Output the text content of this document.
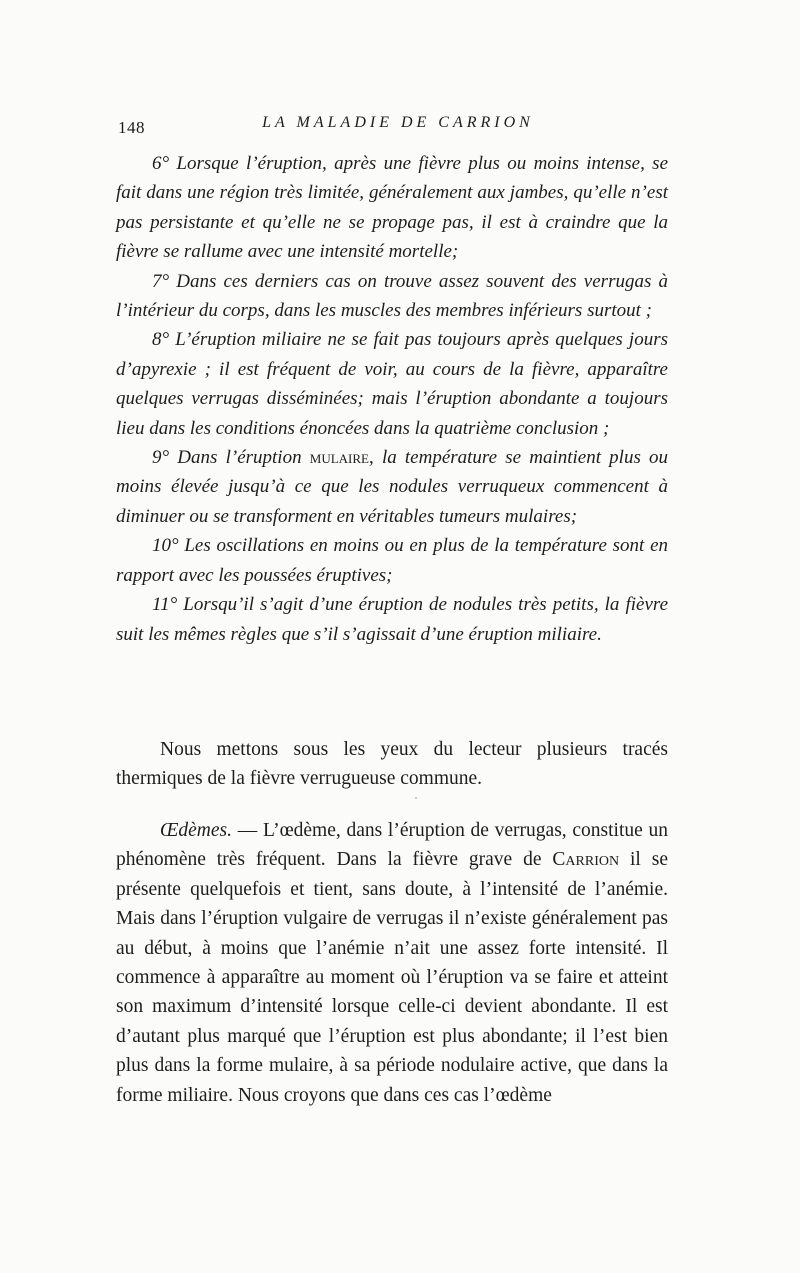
148	LA MALADIE DE CARRION

6° Lorsque l’éruption, après une fièvre plus ou moins intense, se fait dans une région très limitée, généralement aux jambes, qu’elle n’est pas persistante et qu’elle ne se propage pas, il est à craindre que la fièvre se rallume avec une intensité mortelle;

7° Dans ces derniers cas on trouve assez souvent des verrugas à l’intérieur du corps, dans les muscles des membres inférieurs surtout ;

8° L’éruption miliaire ne se fait pas toujours après quelques jours d’apyrexie ; il est fréquent de voir, au cours de la fièvre, apparaître quelques verrugas disséminées; mais l’éruption abondante a toujours lieu dans les conditions énoncées dans la quatrième conclusion ;

9° Dans l’éruption mulaire, la température se maintient plus ou moins élevée jusqu’à ce que les nodules verruqueux commencent à diminuer ou se transforment en véritables tumeurs mulaires;

10° Les oscillations en moins ou en plus de la température sont en rapport avec les poussées éruptives;

11° Lorsqu’il s’agit d’une éruption de nodules très petits, la fièvre suit les mêmes règles que s’il s’agissait d’une éruption miliaire.

Nous mettons sous les yeux du lecteur plusieurs tracés thermiques de la fièvre verrugueuse commune.

Œdèmes. — L’œdème, dans l’éruption de verrugas, constitue un phénomène très fréquent. Dans la fièvre grave de Carrion il se présente quelquefois et tient, sans doute, à l’intensité de l’anémie. Mais dans l’éruption vulgaire de verrugas il n’existe généralement pas au début, à moins que l’anémie n’ait une assez forte intensité. Il commence à apparaître au moment où l’éruption va se faire et atteint son maximum d’intensité lorsque celle-ci devient abondante. Il est d’autant plus marqué que l’éruption est plus abondante; il l’est bien plus dans la forme mulaire, à sa période nodulaire active, que dans la forme miliaire. Nous croyons que dans ces cas l’œdème
